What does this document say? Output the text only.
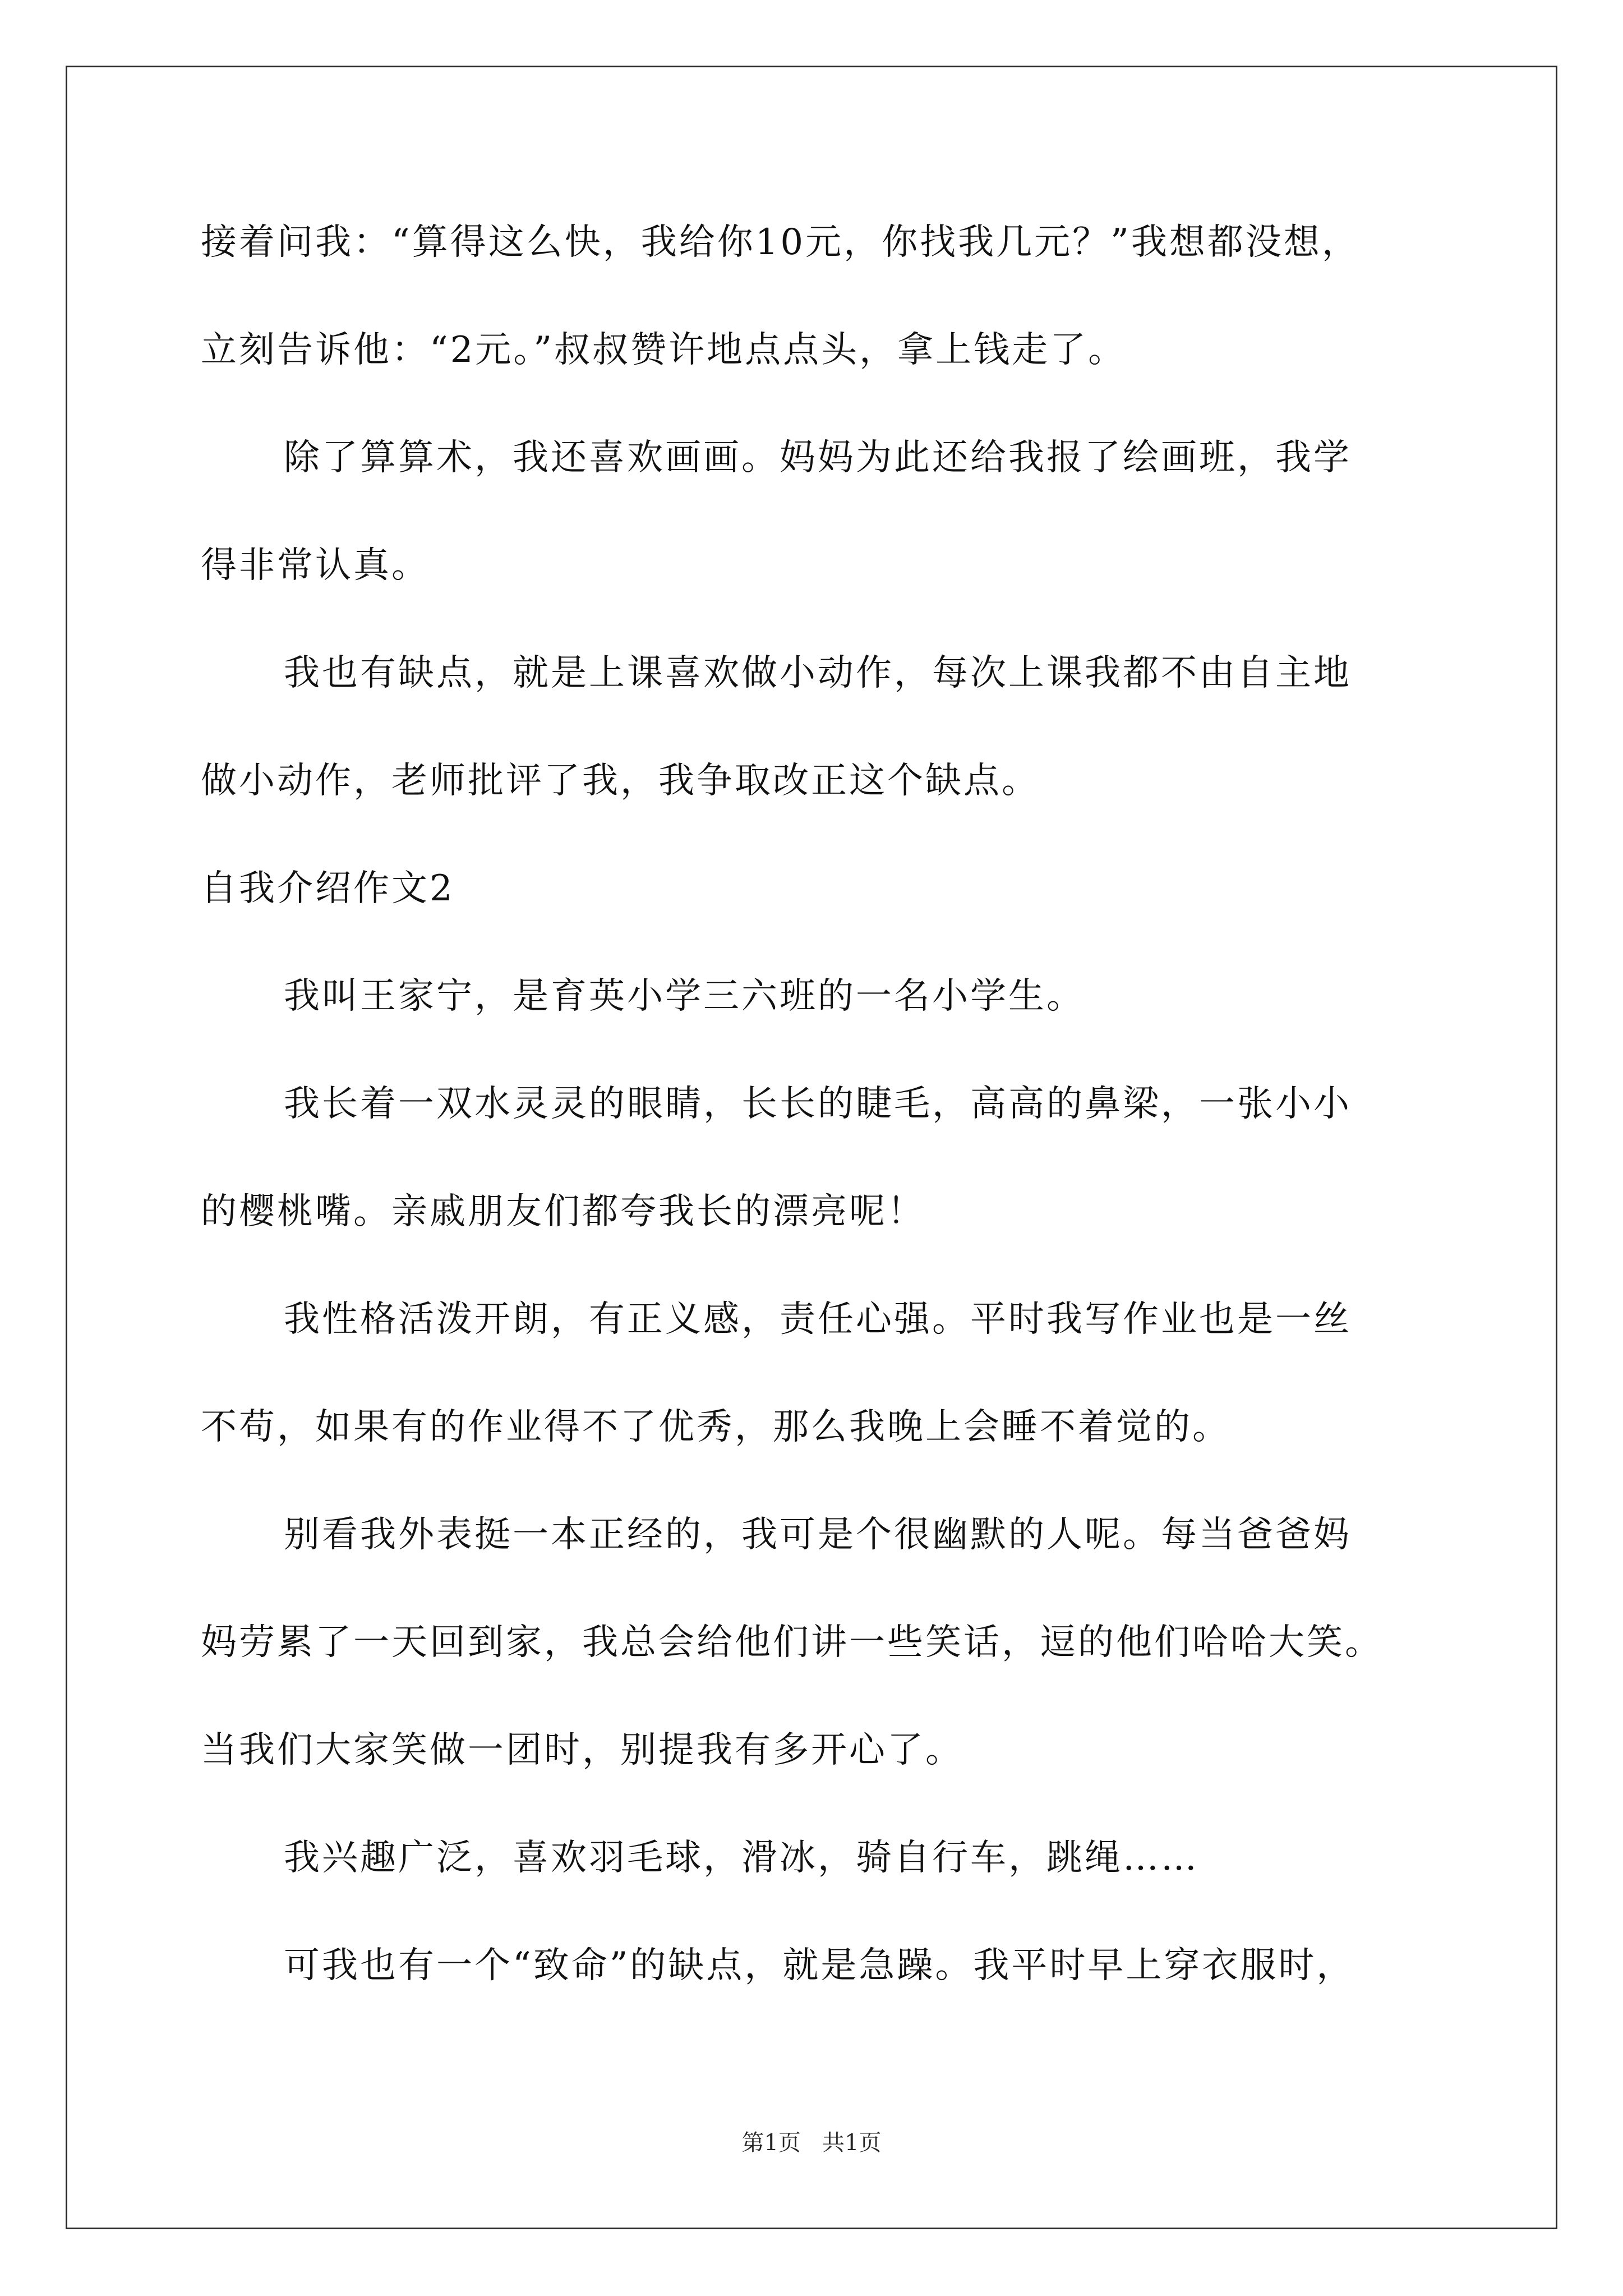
接着问我：“算得这么快，我给你10元，你找我几元？”我想都没想，

立刻告诉他：“2元。”叔叔赞许地点点头，拿上钱走了。

除了算算术，我还喜欢画画。妈妈为此还给我报了绘画班，我学

得非常认真。

我也有缺点，就是上课喜欢做小动作，每次上课我都不由自主地

做小动作，老师批评了我，我争取改正这个缺点。

自我介绍作文2

我叫王家宁，是育英小学三六班的一名小学生。

我长着一双水灵灵的眼睛，长长的睫毛，高高的鼻梁，一张小小

的樱桃嘴。亲戚朋友们都夸我长的漂亮呢！

我性格活泼开朗，有正义感，责任心强。平时我写作业也是一丝

不苟，如果有的作业得不了优秀，那么我晚上会睡不着觉的。

别看我外表挺一本正经的，我可是个很幽默的人呢。每当爸爸妈

妈劳累了一天回到家，我总会给他们讲一些笑话，逗的他们哈哈大笑。

当我们大家笑做一团时，别提我有多开心了。

我兴趣广泛，喜欢羽毛球，滑冰，骑自行车，跳绳……

可我也有一个“致命”的缺点，就是急躁。我平时早上穿衣服时，

第1页   共1页
